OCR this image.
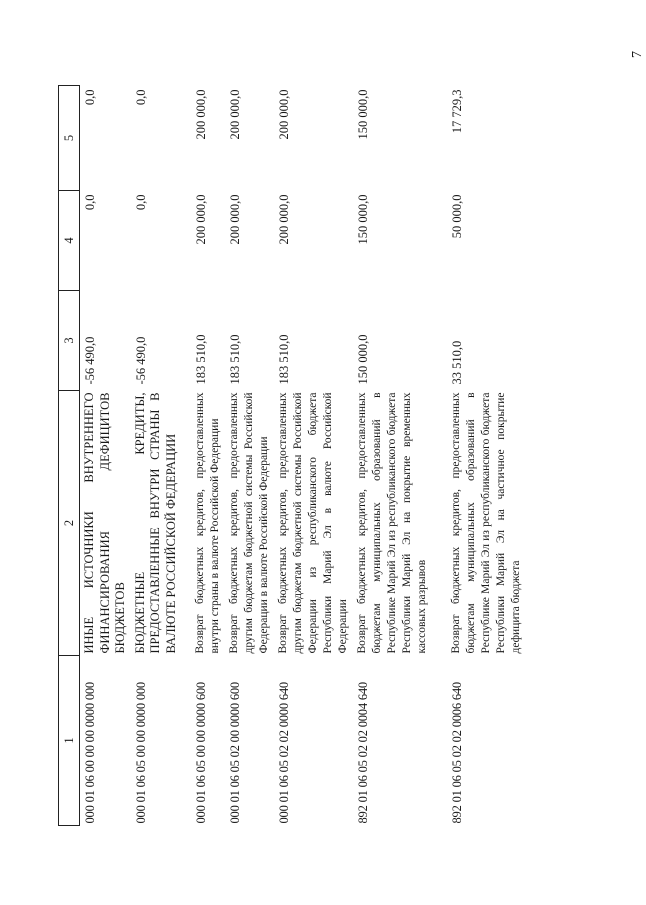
7
1	2	3	4	5
000 01 06 00 00 00 0000 000	ИНЫЕ ИСТОЧНИКИ ВНУТРЕННЕГО ФИНАНСИРОВАНИЯ ДЕФИЦИТОВ БЮДЖЕТОВ	-56 490,0	0,0	0,0
000 01 06 05 00 00 0000 000	БЮДЖЕТНЫЕ КРЕДИТЫ, ПРЕДОСТАВЛЕННЫЕ ВНУТРИ СТРАНЫ В ВАЛЮТЕ РОССИЙСКОЙ ФЕДЕРАЦИИ	-56 490,0	0,0	0,0
000 01 06 05 00 00 0000 600	Возврат бюджетных кредитов, предоставленных внутри страны в валюте Российской Федерации	183 510,0	200 000,0	200 000,0
000 01 06 05 02 00 0000 600	Возврат бюджетных кредитов, предоставленных другим бюджетам бюджетной системы Российской Федерации в валюте Российской Федерации	183 510,0	200 000,0	200 000,0
000 01 06 05 02 02 0000 640	Возврат бюджетных кредитов, предоставленных другим бюджетам бюджетной системы Российской Федерации из республиканского бюджета Республики Марий Эл в валюте Российской Федерации	183 510,0	200 000,0	200 000,0
892 01 06 05 02 02 0004 640	Возврат бюджетных кредитов, предоставленных бюджетам муниципальных образований в Республике Марий Эл из республиканского бюджета Республики Марий Эл на покрытие временных кассовых разрывов	150 000,0	150 000,0	150 000,0
892 01 06 05 02 02 0006 640	Возврат бюджетных кредитов, предоставленных бюджетам муниципальных образований в Республике Марий Эл из республиканского бюджета Республики Марий Эл на частичное покрытие дефицита бюджета	33 510,0	50 000,0	17 729,3
